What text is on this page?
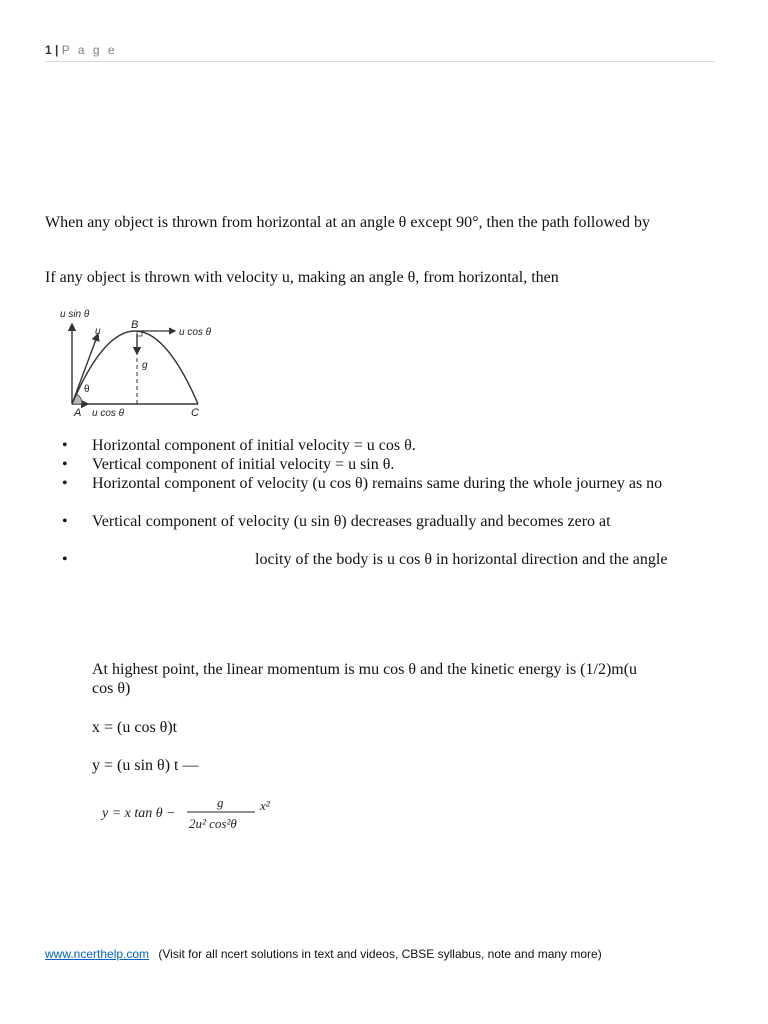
1 | P a g e
When any object is thrown from horizontal at an angle θ except 90°, then the path followed by
If any object is thrown with velocity u, making an angle θ, from horizontal, then
u sin θ
u
B
u cos θ
g
θ
A u cos θ	C
• Horizontal component of initial velocity = u cos θ.
• Vertical component of initial velocity = u sin θ.
• Horizontal component of velocity (u cos θ) remains same during the whole journey as no
• Vertical component of velocity (u sin θ) decreases gradually and becomes zero at
•	locity of the body is u cos θ in horizontal direction and the angle
At highest point, the linear momentum is mu cos θ and the kinetic energy is (1/2)m(u
cos θ)
x = (u cos θ)t
y = (u sin θ) t —
y = x tan θ −
g
2u² cos²θ
x²
www.ncerthelp.com (Visit for all ncert solutions in text and videos, CBSE syllabus, note and many more)
